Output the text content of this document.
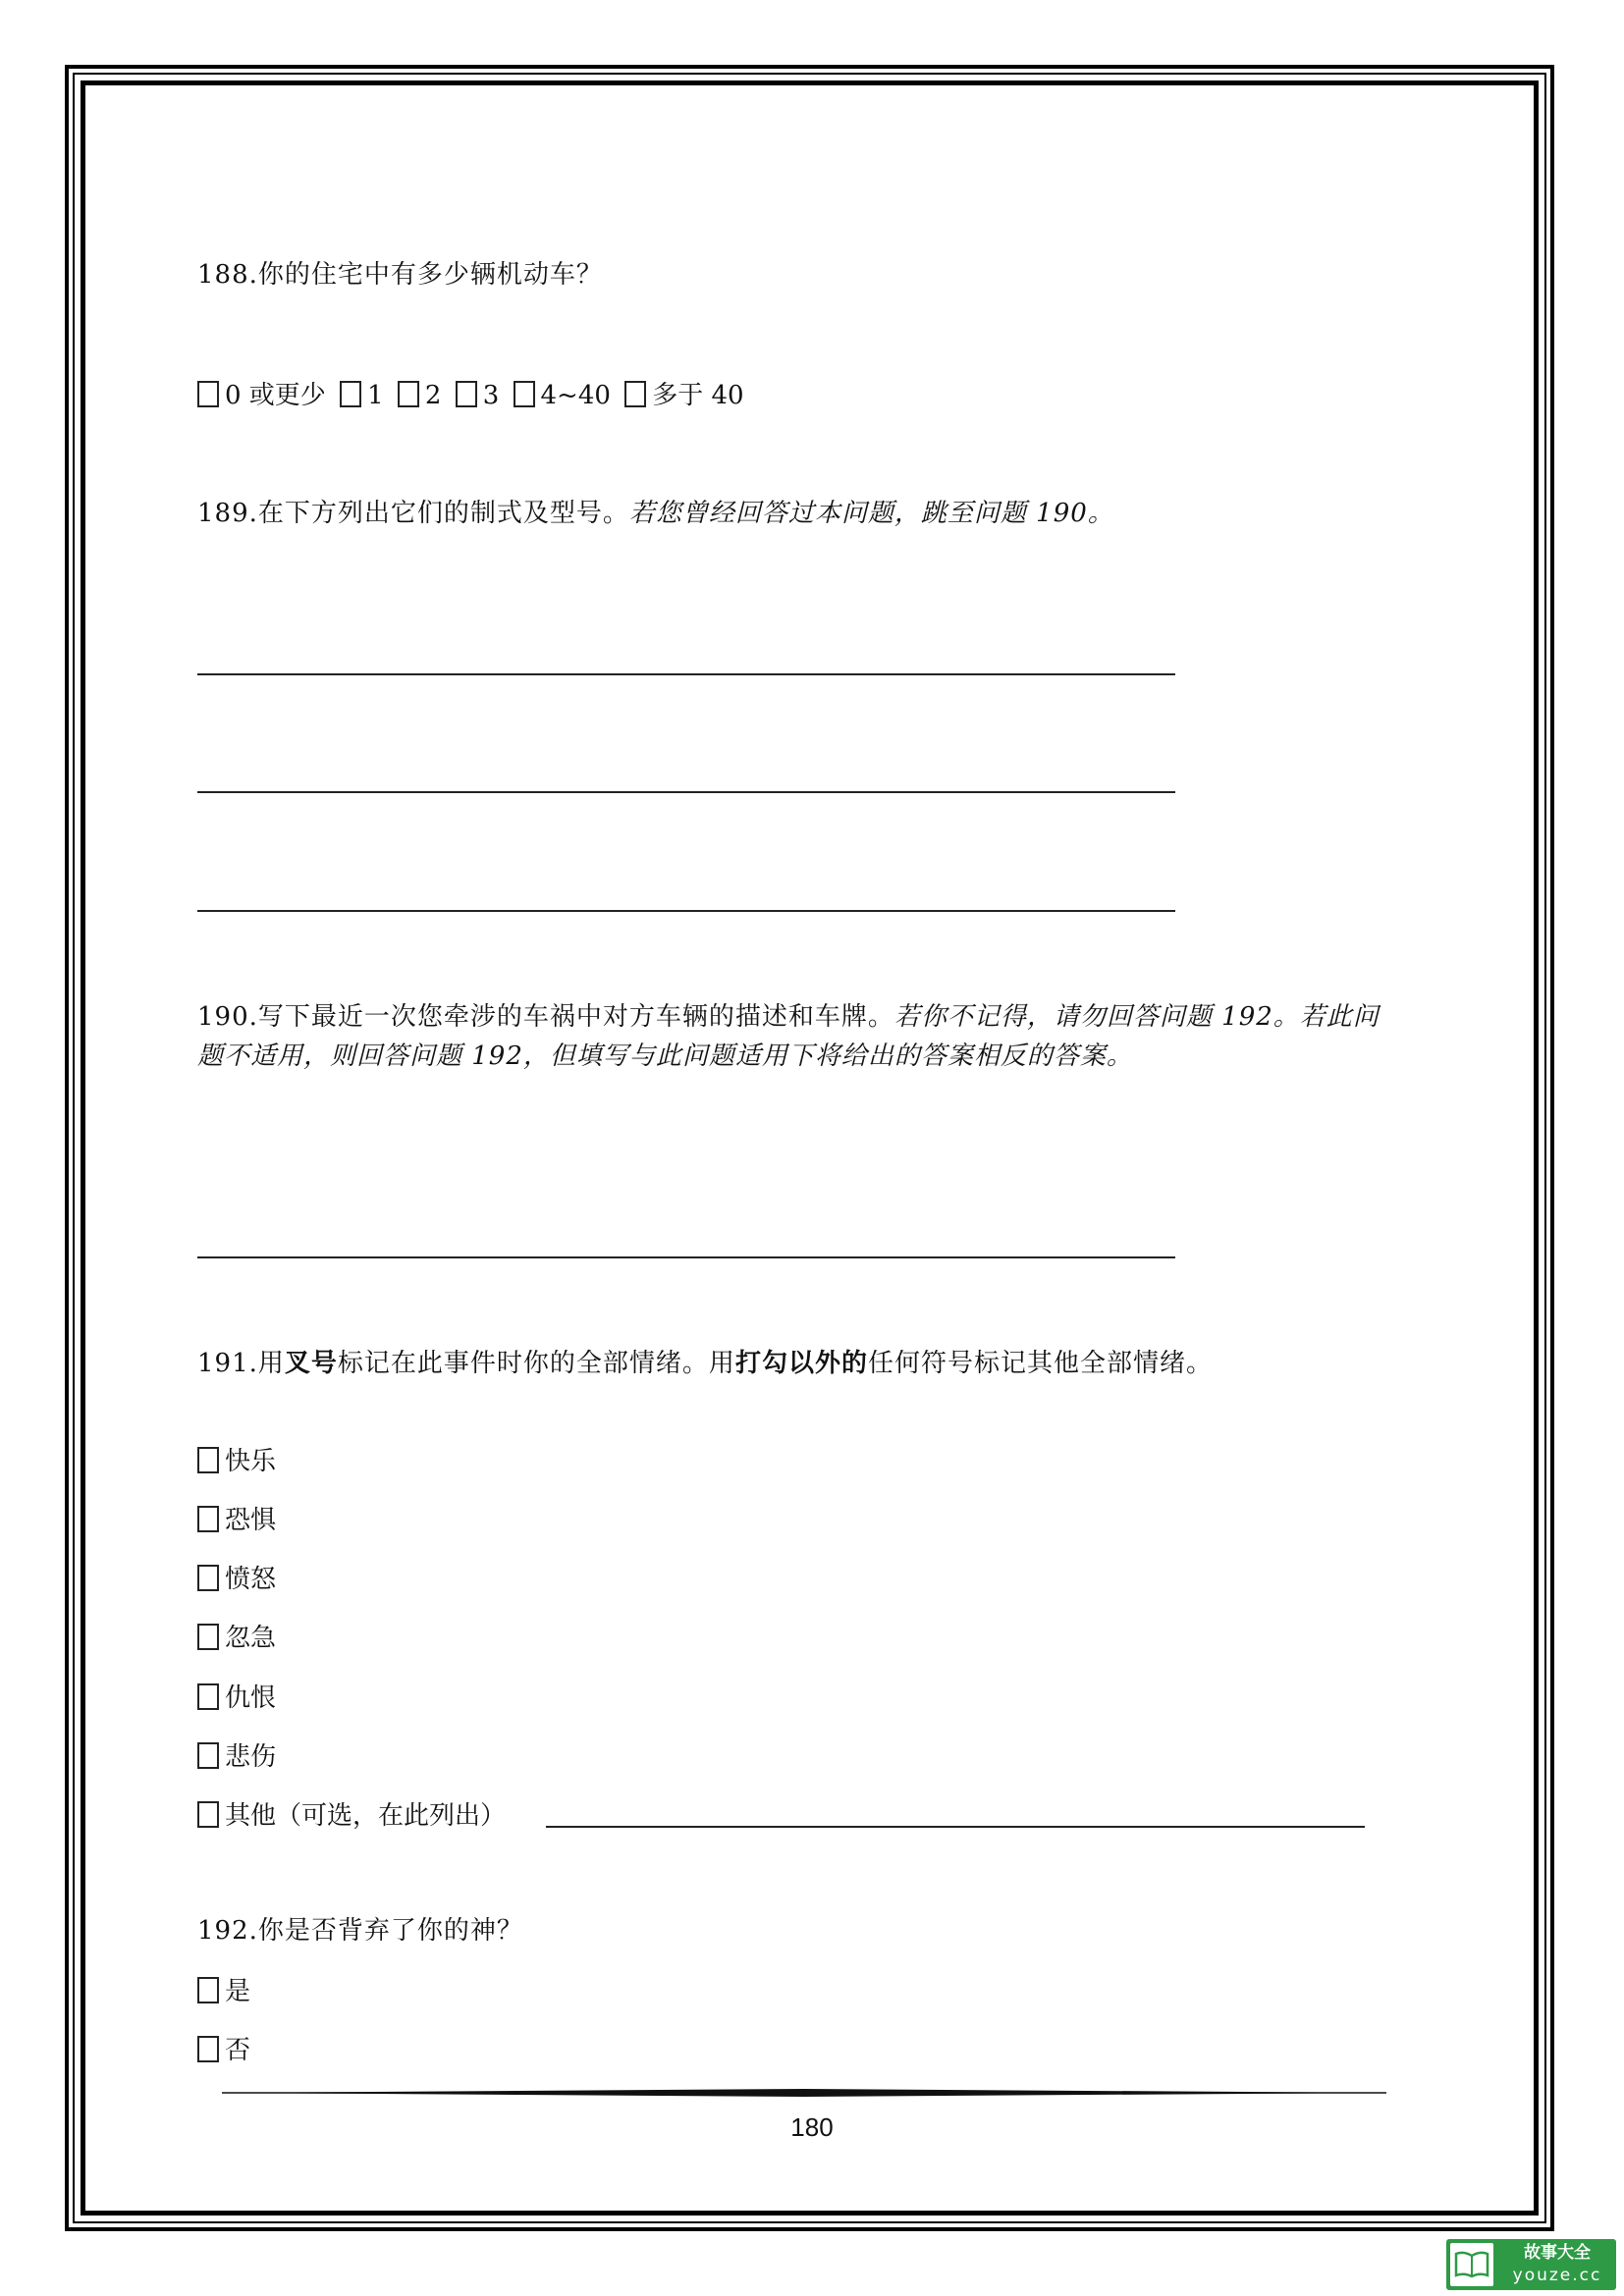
188.你的住宅中有多少辆机动车？
0 或更少 1 2 3 4~40 多于 40
189.在下方列出它们的制式及型号。若您曾经回答过本问题，跳至问题 190。
190.写下最近一次您牵涉的车祸中对方车辆的描述和车牌。若你不记得，请勿回答问题 192。若此问题不适用，则回答问题 192，但填写与此问题适用下将给出的答案相反的答案。
191.用叉号标记在此事件时你的全部情绪。用打勾以外的任何符号标记其他全部情绪。
快乐
恐惧
愤怒
忽急
仇恨
悲伤
其他（可选，在此列出）
192.你是否背弃了你的神？
是
否
180
故事大全
youze.cc
